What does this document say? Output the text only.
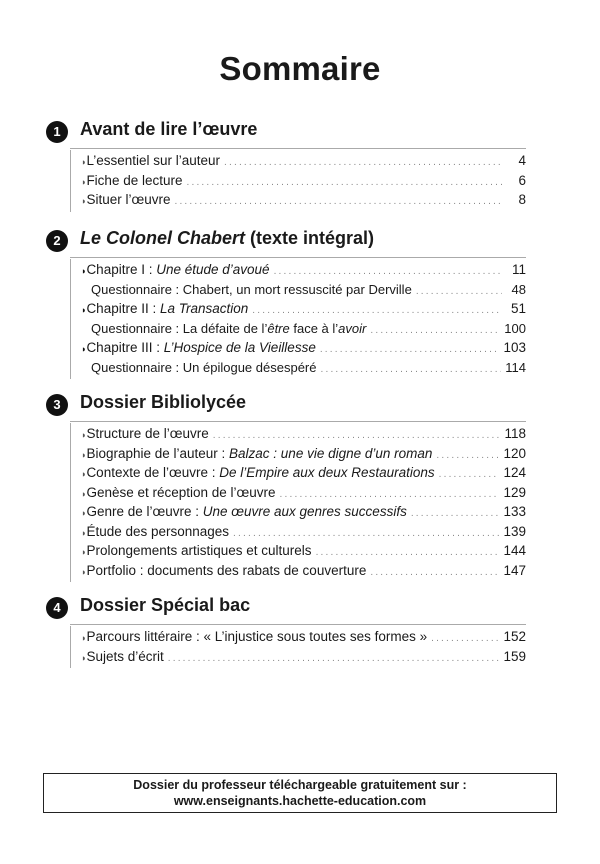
Sommaire
1	Avant de lire l’œuvre
◗ L’essentiel sur l’auteur .....	4
◗ Fiche de lecture .....	6
◗ Situer l’œuvre .....	8
2	Le Colonel Chabert (texte intégral)
◗ Chapitre I : Une étude d’avoué .....	11
Questionnaire : Chabert, un mort ressuscité par Derville .....	48
◗ Chapitre II : La Transaction .....	51
Questionnaire : La défaite de l’être face à l’avoir .....	100
◗ Chapitre III : L’Hospice de la Vieillesse .....	103
Questionnaire : Un épilogue désespéré .....	114
3	Dossier Bibliolycée
◗ Structure de l’œuvre .....	118
◗ Biographie de l’auteur : Balzac : une vie digne d’un roman .....	120
◗ Contexte de l’œuvre : De l’Empire aux deux Restaurations .....	124
◗ Genèse et réception de l’œuvre .....	129
◗ Genre de l’œuvre : Une œuvre aux genres successifs .....	133
◗ Étude des personnages .....	139
◗ Prolongements artistiques et culturels .....	144
◗ Portfolio : documents des rabats de couverture .....	147
4	Dossier Spécial bac
◗ Parcours littéraire : « L’injustice sous toutes ses formes » .....	152
◗ Sujets d’écrit .....	159
Dossier du professeur téléchargeable gratuitement sur :
www.enseignants.hachette-education.com
